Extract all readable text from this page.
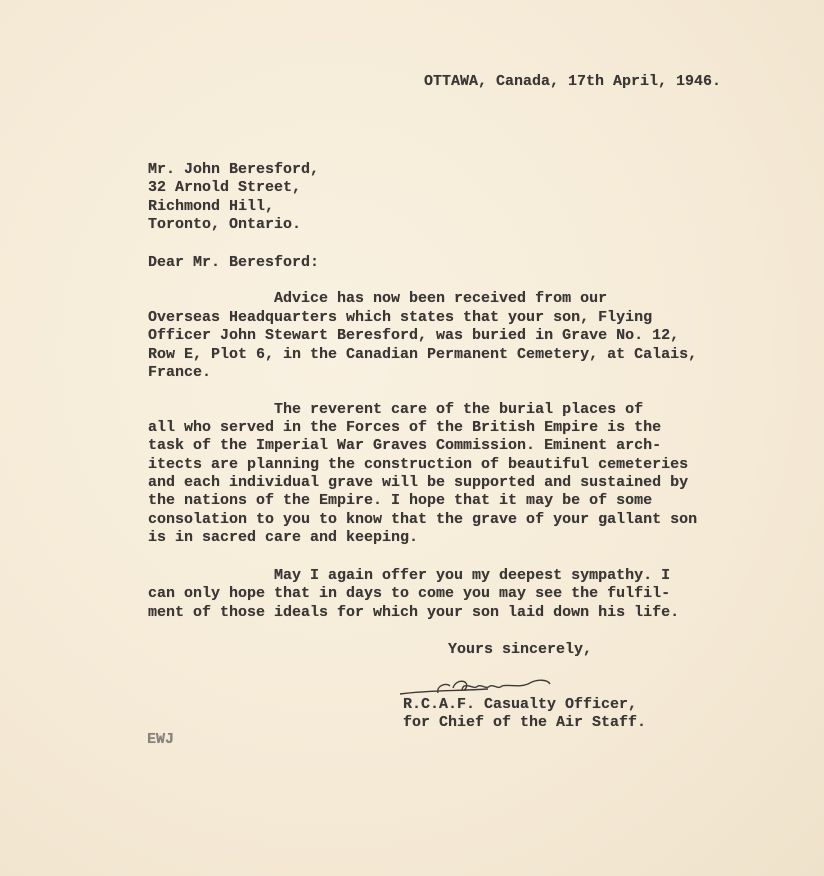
OTTAWA, Canada, 17th April, 1946.
Mr. John Beresford,
32 Arnold Street,
Richmond Hill,
Toronto, Ontario.
Dear Mr. Beresford:
Advice has now been received from our
Overseas Headquarters which states that your son, Flying
Officer John Stewart Beresford, was buried in Grave No. 12,
Row E, Plot 6, in the Canadian Permanent Cemetery, at Calais,
France.
The reverent care of the burial places of
all who served in the Forces of the British Empire is the
task of the Imperial War Graves Commission. Eminent arch-
itects are planning the construction of beautiful cemeteries
and each individual grave will be supported and sustained by
the nations of the Empire. I hope that it may be of some
consolation to you to know that the grave of your gallant son
is in sacred care and keeping.
May I again offer you my deepest sympathy. I
can only hope that in days to come you may see the fulfil-
ment of those ideals for which your son laid down his life.
Yours sincerely,
R.C.A.F. Casualty Officer,
for Chief of the Air Staff.
EWJ
